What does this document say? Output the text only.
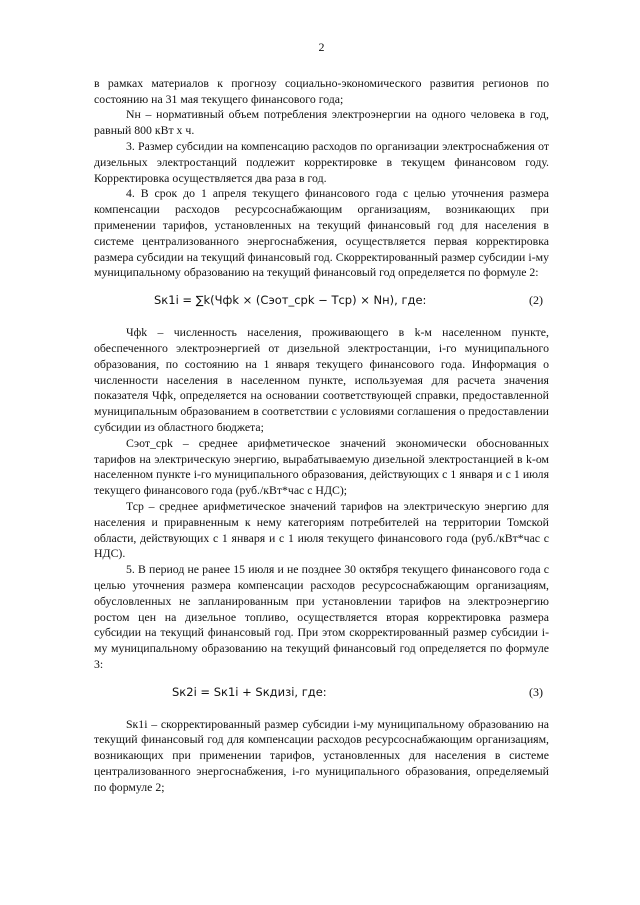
2

в рамках материалов к прогнозу социально-экономического развития регионов по состоянию на 31 мая текущего финансового года;

Nн – нормативный объем потребления электроэнергии на одного человека в год, равный 800 кВт х ч.

3. Размер субсидии на компенсацию расходов по организации электроснабжения от дизельных электростанций подлежит корректировке в текущем финансовом году. Корректировка осуществляется два раза в год.

4. В срок до 1 апреля текущего финансового года с целью уточнения размера компенсации расходов ресурсоснабжающим организациям, возникающих при применении тарифов, установленных на текущий финансовый год для населения в системе централизованного энергоснабжения, осуществляется первая корректировка размера субсидии на текущий финансовый год. Скорректированный размер субсидии i-му муниципальному образованию на текущий финансовый год определяется по формуле 2:

Sк1i = ∑k(Чфk × (Сэот_срk − Тср) × Nн), где:	(2)

Чфk – численность населения, проживающего в k-м населенном пункте, обеспеченного электроэнергией от дизельной электростанции, i-го муниципального образования, по состоянию на 1 января текущего финансового года. Информация о численности населения в населенном пункте, используемая для расчета значения показателя Чфk, определяется на основании соответствующей справки, предоставленной муниципальным образованием в соответствии с условиями соглашения о предоставлении субсидии из областного бюджета;

Сэот_срk – среднее арифметическое значений экономически обоснованных тарифов на электрическую энергию, вырабатываемую дизельной электростанцией в k-ом населенном пункте i-го муниципального образования, действующих с 1 января и с 1 июля текущего финансового года (руб./кВт*час с НДС);

Тср – среднее арифметическое значений тарифов на электрическую энергию для населения и приравненным к нему категориям потребителей на территории Томской области, действующих с 1 января и с 1 июля текущего финансового года (руб./кВт*час с НДС).

5. В период не ранее 15 июля и не позднее 30 октября текущего финансового года с целью уточнения размера компенсации расходов ресурсоснабжающим организациям, обусловленных не запланированным при установлении тарифов на электроэнергию ростом цен на дизельное топливо, осуществляется вторая корректировка размера субсидии на текущий финансовый год. При этом скорректированный размер субсидии i-му муниципальному образованию на текущий финансовый год определяется по формуле 3:

Sк2i = Sк1i + Sкдизi, где:	(3)

Sк1i – скорректированный размер субсидии i-му муниципальному образованию на текущий финансовый год для компенсации расходов ресурсоснабжающим организациям, возникающих при применении тарифов, установленных для населения в системе централизованного энергоснабжения, i-го муниципального образования, определяемый по формуле 2;
